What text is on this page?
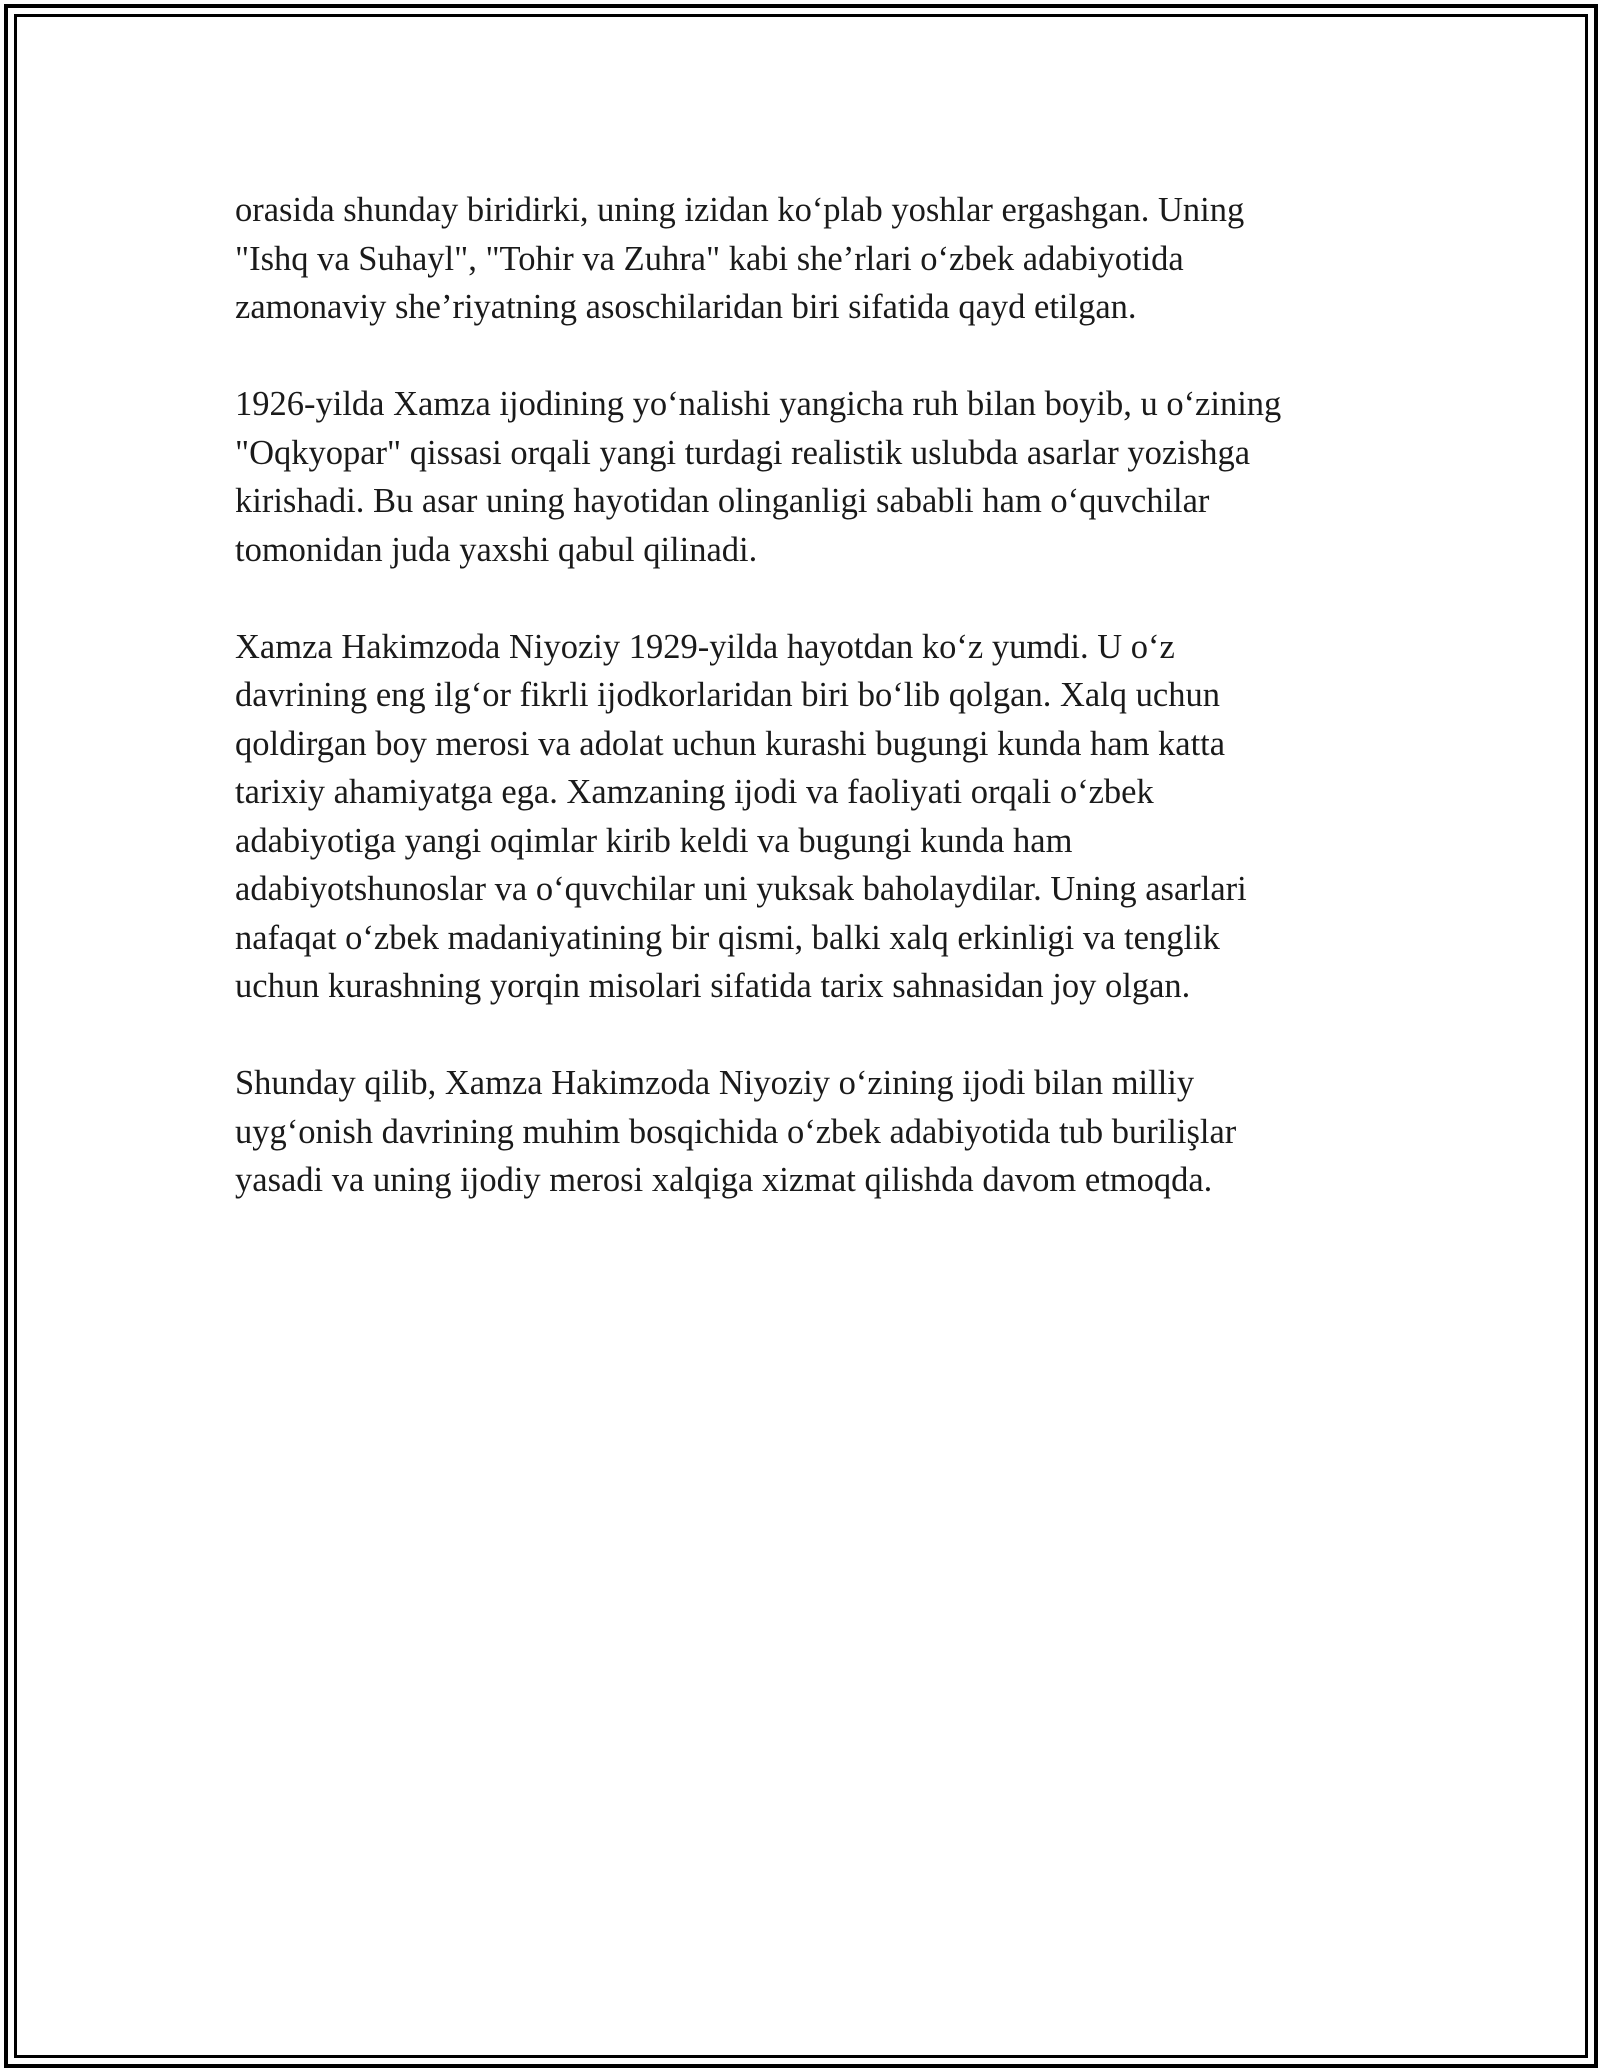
orasida shunday biridirki, uning izidan ko‘plab yoshlar ergashgan. Uning
"Ishq va Suhayl", "Tohir va Zuhra" kabi she’rlari o‘zbek adabiyotida
zamonaviy she’riyatning asoschilaridan biri sifatida qayd etilgan.
1926-yilda Xamza ijodining yo‘nalishi yangicha ruh bilan boyib, u o‘zining
"Oqkyopar" qissasi orqali yangi turdagi realistik uslubda asarlar yozishga
kirishadi. Bu asar uning hayotidan olinganligi sababli ham o‘quvchilar
tomonidan juda yaxshi qabul qilinadi.
Xamza Hakimzoda Niyoziy 1929-yilda hayotdan ko‘z yumdi. U o‘z
davrining eng ilg‘or fikrli ijodkorlaridan biri bo‘lib qolgan. Xalq uchun
qoldirgan boy merosi va adolat uchun kurashi bugungi kunda ham katta
tarixiy ahamiyatga ega. Xamzaning ijodi va faoliyati orqali o‘zbek
adabiyotiga yangi oqimlar kirib keldi va bugungi kunda ham
adabiyotshunoslar va o‘quvchilar uni yuksak baholaydilar. Uning asarlari
nafaqat o‘zbek madaniyatining bir qismi, balki xalq erkinligi va tenglik
uchun kurashning yorqin misolari sifatida tarix sahnasidan joy olgan.
Shunday qilib, Xamza Hakimzoda Niyoziy o‘zining ijodi bilan milliy
uyg‘onish davrining muhim bosqichida o‘zbek adabiyotida tub burilişlar
yasadi va uning ijodiy merosi xalqiga xizmat qilishda davom etmoqda.
